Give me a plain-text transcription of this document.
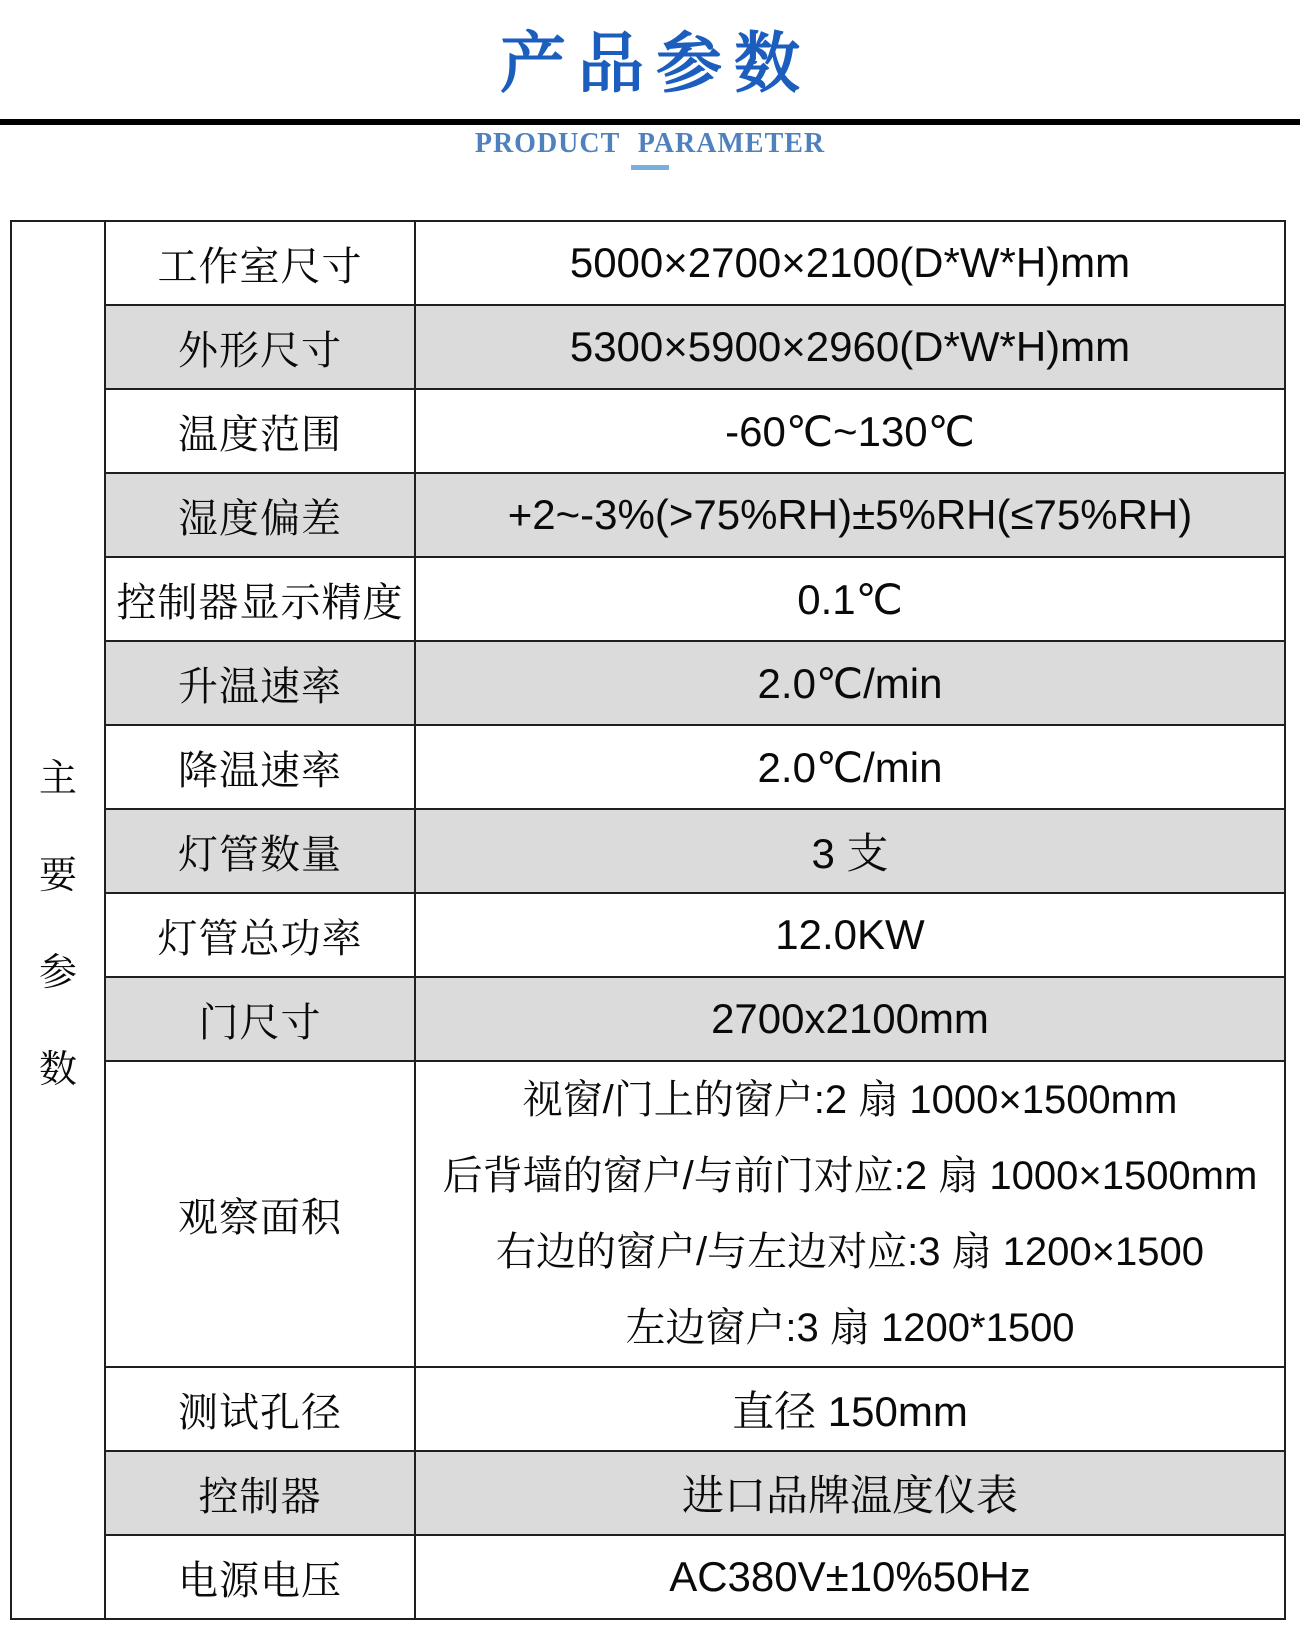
产品参数
PRODUCT PARAMETER
主
要
参
数	工作室尺寸	5000×2700×2100(D*W*H)mm
	外形尺寸	5300×5900×2960(D*W*H)mm
	温度范围	-60℃~130℃
	湿度偏差	+2~-3%(>75%RH)±5%RH(≤75%RH)
	控制器显示精度	0.1℃
	升温速率	2.0℃/min
	降温速率	2.0℃/min
	灯管数量	3 支
	灯管总功率	12.0KW
	门尺寸	2700x2100mm
	观察面积	视窗/门上的窗户:2 扇 1000×1500mm
后背墙的窗户/与前门对应:2 扇 1000×1500mm
右边的窗户/与左边对应:3 扇 1200×1500
左边窗户:3 扇 1200*1500

	测试孔径	直径 150mm
	控制器	进口品牌温度仪表
	电源电压	AC380V±10%50Hz
